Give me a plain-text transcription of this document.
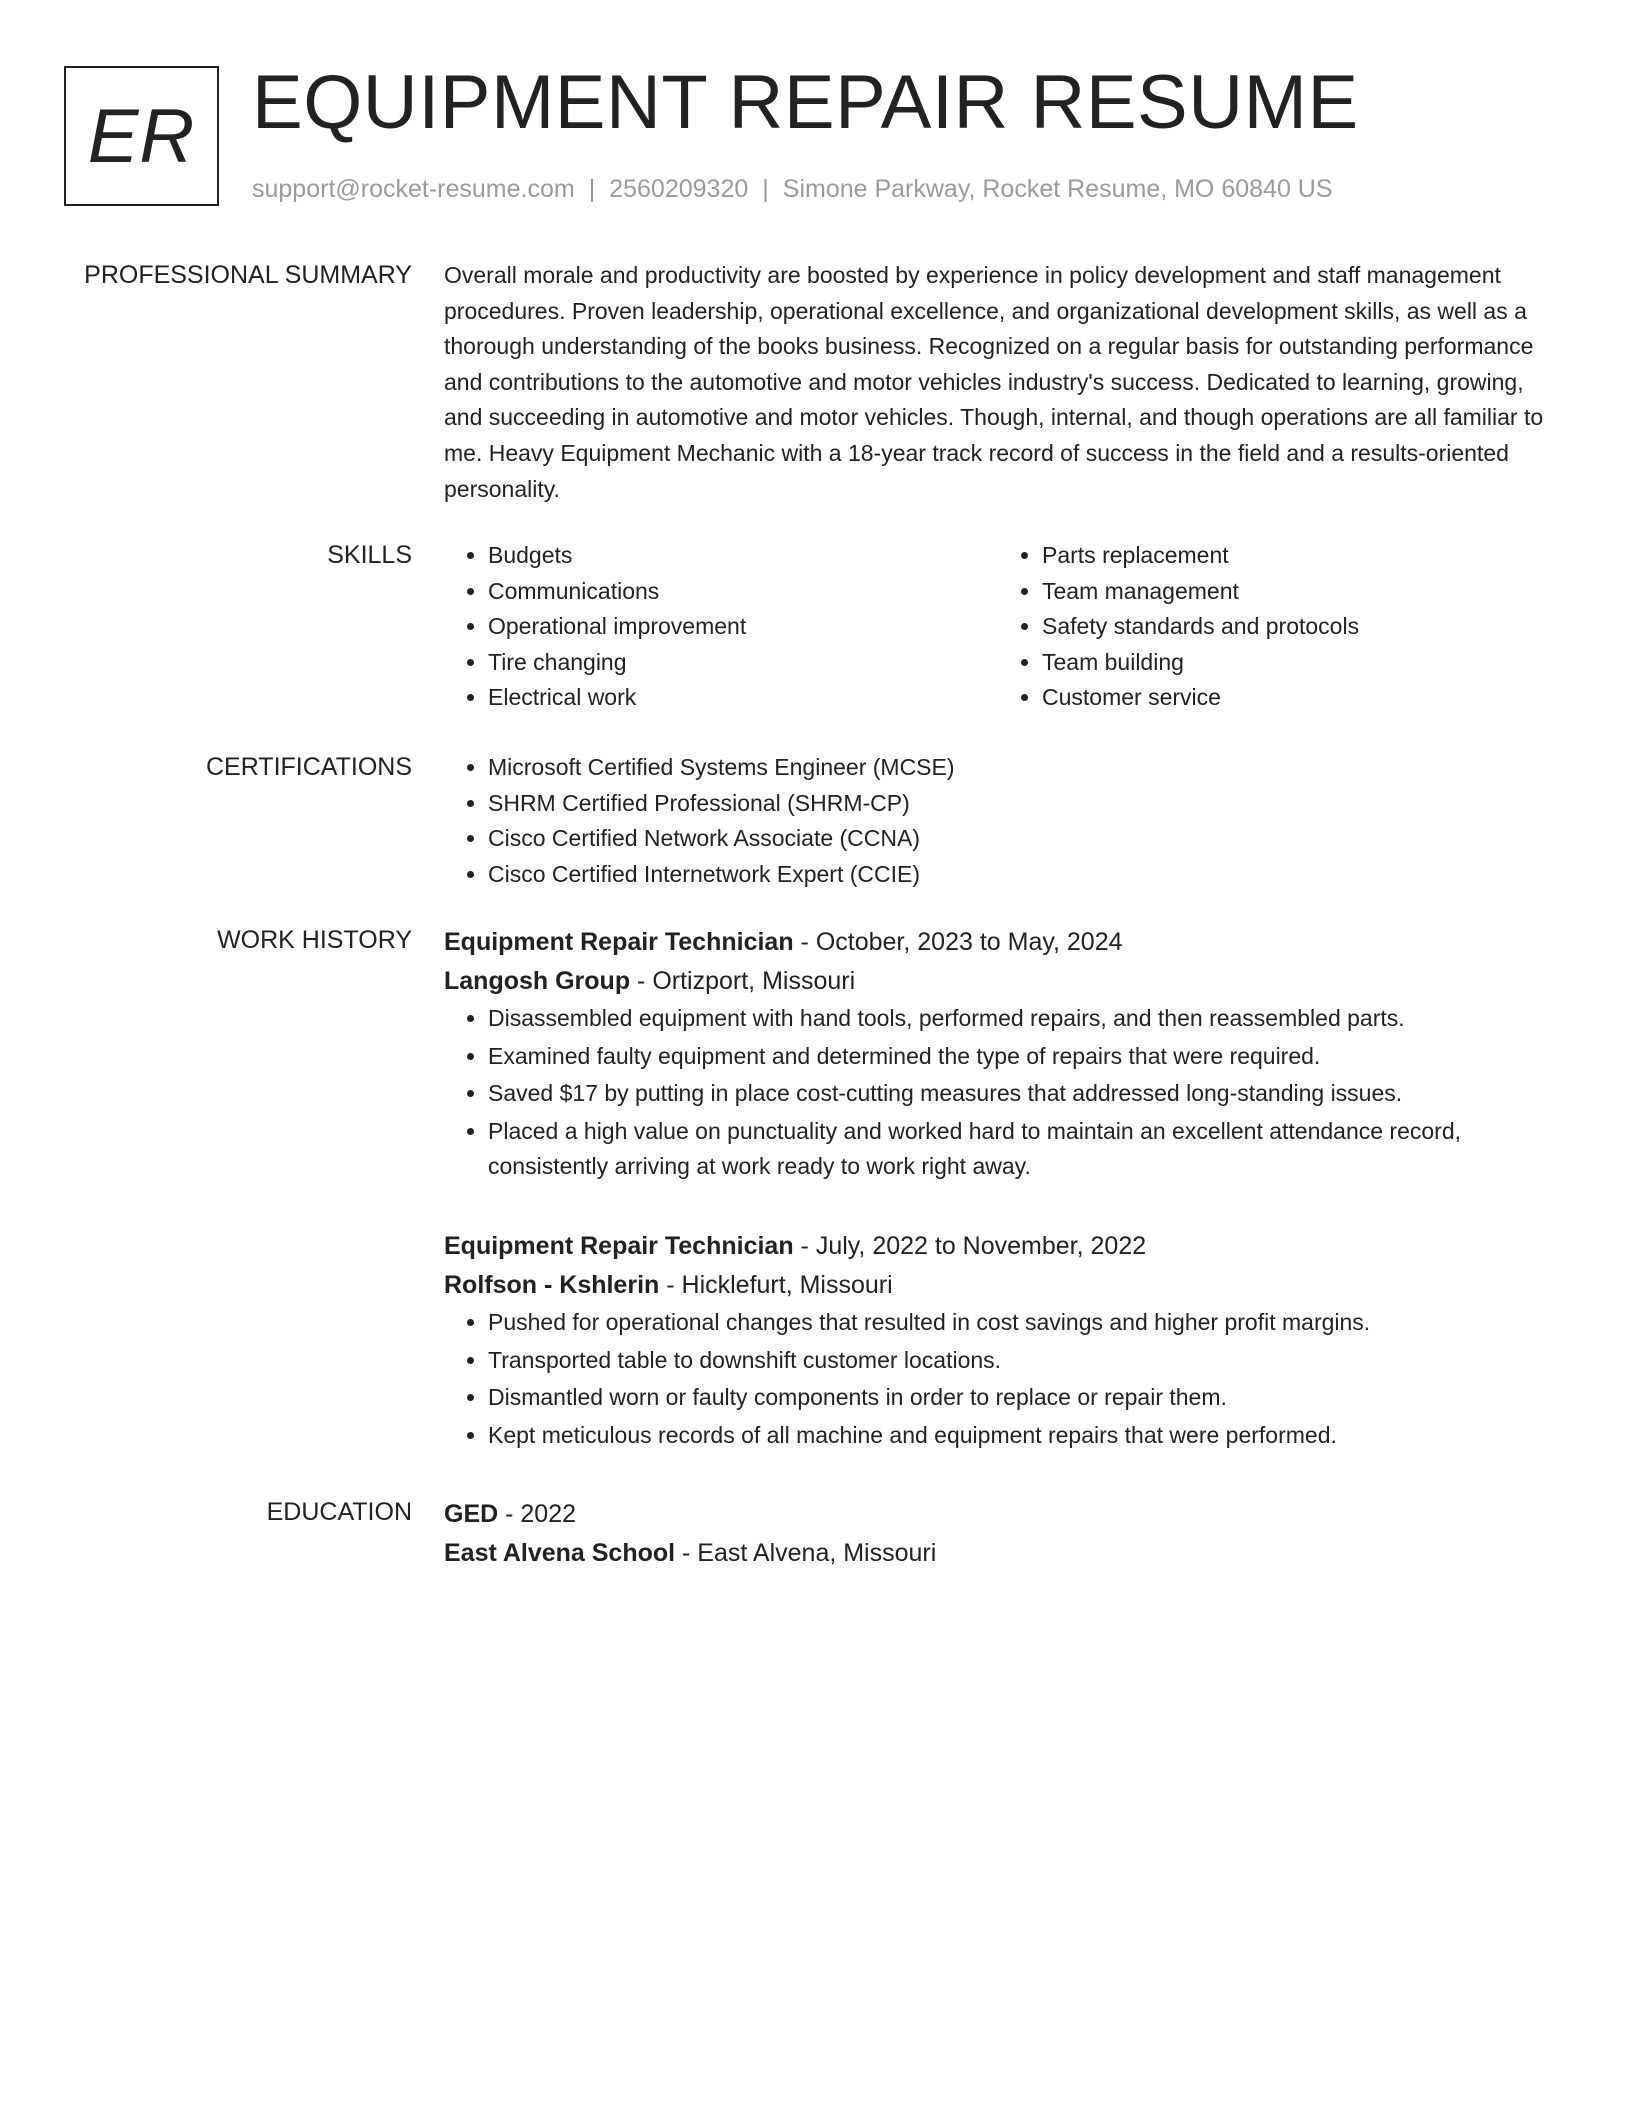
ER EQUIPMENT REPAIR RESUME
support@rocket-resume.com | 2560209320 | Simone Parkway, Rocket Resume, MO 60840 US
PROFESSIONAL SUMMARY Overall morale and productivity are boosted by experience in policy development and staff management procedures. Proven leadership, operational excellence, and organizational development skills, as well as a thorough understanding of the books business. Recognized on a regular basis for outstanding performance and contributions to the automotive and motor vehicles industry's success. Dedicated to learning, growing, and succeeding in automotive and motor vehicles. Though, internal, and though operations are all familiar to me. Heavy Equipment Mechanic with a 18-year track record of success in the field and a results-oriented personality.

SKILLS	• Budgets
• Communications
• Operational improvement
• Tire changing
• Electrical work
• Parts replacement
• Team management
• Safety standards and protocols
• Team building
• Customer service
CERTIFICATIONS	• Microsoft Certified Systems Engineer (MCSE)
• SHRM Certified Professional (SHRM-CP)
• Cisco Certified Network Associate (CCNA)
• Cisco Certified Internetwork Expert (CCIE)
WORK HISTORY Equipment Repair Technician - October, 2023 to May, 2024
Langosh Group - Ortizport, Missouri
• Disassembled equipment with hand tools, performed repairs, and then reassembled parts.
• Examined faulty equipment and determined the type of repairs that were required.
• Saved $17 by putting in place cost-cutting measures that addressed long-standing issues.
• Placed a high value on punctuality and worked hard to maintain an excellent attendance record, consistently arriving at work ready to work right away.
Equipment Repair Technician - July, 2022 to November, 2022
Rolfson - Kshlerin - Hicklefurt, Missouri
• Pushed for operational changes that resulted in cost savings and higher profit margins.
• Transported table to downshift customer locations.
• Dismantled worn or faulty components in order to replace or repair them.
• Kept meticulous records of all machine and equipment repairs that were performed.
EDUCATION GED - 2022
East Alvena School - East Alvena, Missouri
